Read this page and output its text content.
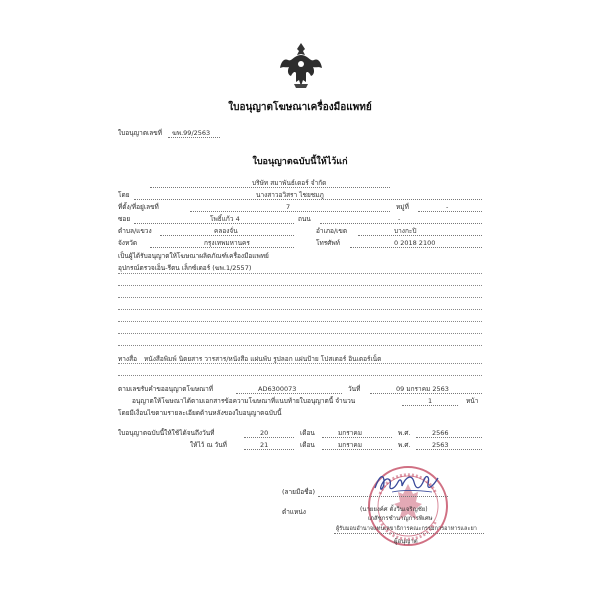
ใบอนุญาตโฆษณาเครื่องมือแพทย์
ใบอนุญาตเลขที่ ฆพ.99/2563
ใบอนุญาตฉบับนี้ให้ไว้แก่
บริษัท สมาพันธ์เดอร์ จำกัด
โดย	นางสาวอวิสรา ไชยชมภู
ที่ตั้ง/ที่อยู่เลขที่	7	หมู่ที่	-
ซอย	โพธิ์แก้ว 4	ถนน	-
ตำบล/แขวง	คลองจั่น	อำเภอ/เขต	บางกะปิ
จังหวัด	กรุงเทพมหานคร	โทรศัพท์	0 2018 2100
เป็นผู้ได้รับอนุญาตให้โฆษณาผลิตภัณฑ์เครื่องมือแพทย์
อุปกรณ์ตรวจเอ็น-รีตน เล็กซ์เดอร์ (ฆพ.1/2557)
ทางสื่อ หนังสือพิมพ์ นิตยสาร วารสาร/หนังสือ แผ่นพับ รูปลอก แผ่นป้าย โปสเตอร์ อินเตอร์เน็ต
ตามเลขรับคำขออนุญาตโฆษณาที่	AD6300073	วันที่	09 มกราคม 2563
อนุญาตให้โฆษณาได้ตามเอกสารข้อความโฆษณาที่แนบท้ายใบอนุญาตนี้ จำนวน	1	หน้า
โดยมีเงื่อนไขตามรายละเอียดด้านหลังของใบอนุญาตฉบับนี้
ใบอนุญาตฉบับนี้ให้ใช้ได้จนถึงวันที่	20	เดือน	มกราคม	พ.ศ.	2566
ให้ไว้ ณ วันที่	21	เดือน	มกราคม	พ.ศ.	2563
(ลายมือชื่อ)
ตำแหน่ง	(นายยงค์ศ ตั้งวินเจริญชัย)
เภสัชกรชำนาญการพิเศษ
ผู้รับมอบอำนาจแทนเลขาธิการคณะกรรมการอาหารและยา
ผู้อนุญาต
